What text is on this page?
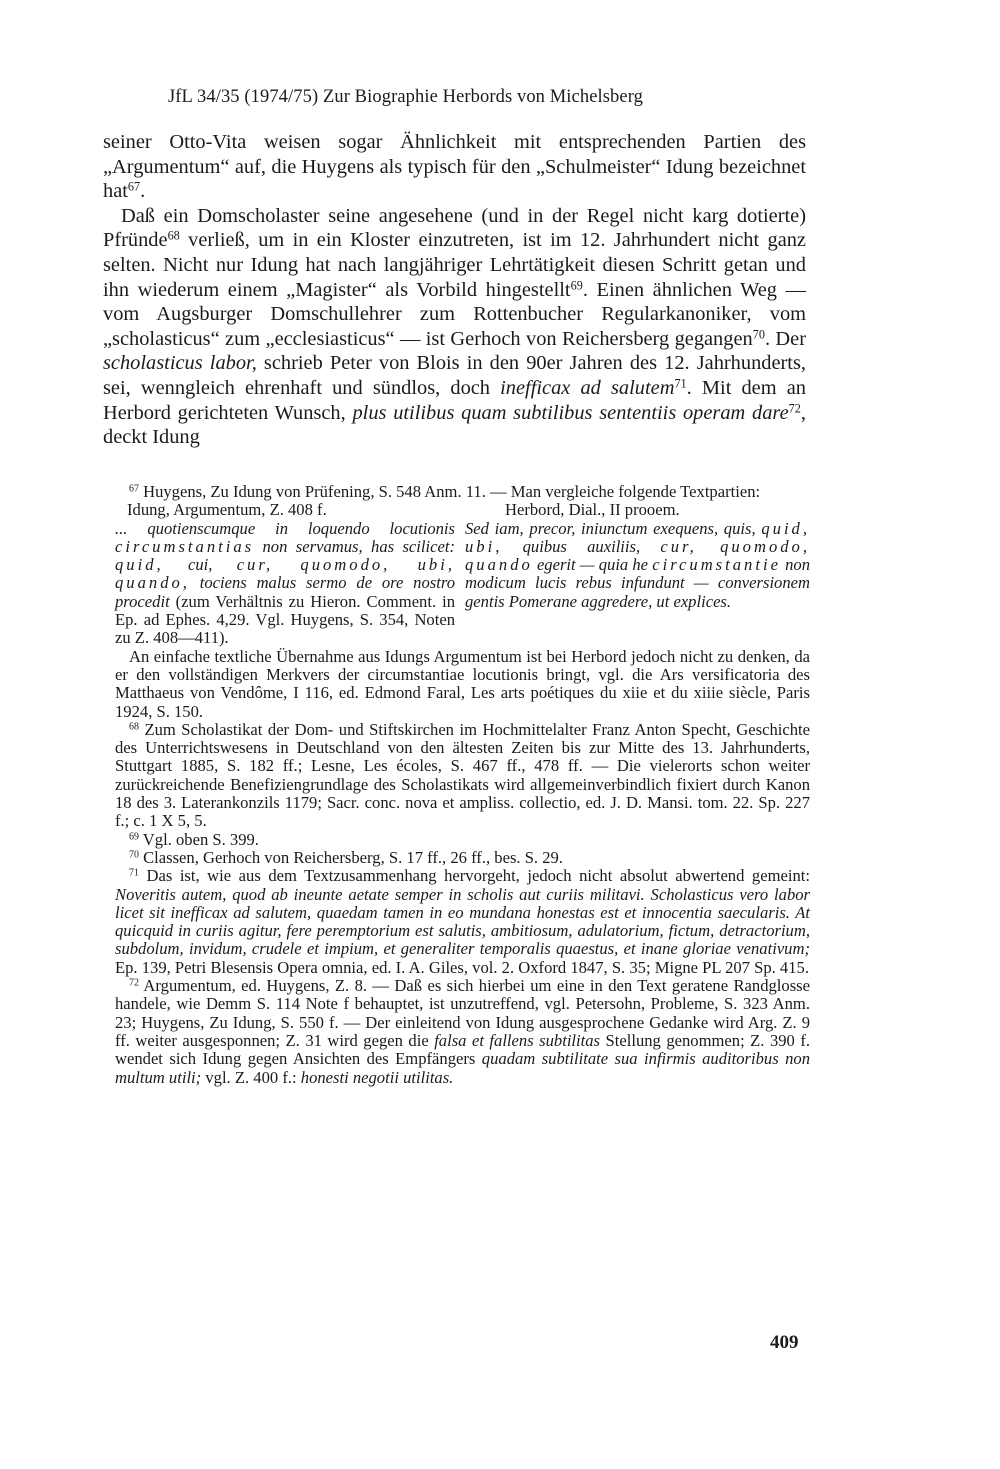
JfL 34/35 (1974/75) Zur Biographie Herbords von Michelsberg

seiner Otto-Vita weisen sogar Ähnlichkeit mit entsprechenden Partien des „Argumentum“ auf, die Huygens als typisch für den „Schulmeister“ Idung bezeichnet hat$^{67}$.

Daß ein Domscholaster seine angesehene (und in der Regel nicht karg dotierte) Pfründe$^{68}$ verließ, um in ein Kloster einzutreten, ist im 12. Jahrhundert nicht ganz selten. Nicht nur Idung hat nach langjähriger Lehrtätigkeit diesen Schritt getan und ihn wiederum einem „Magister“ als Vorbild hingestellt$^{69}$. Einen ähnlichen Weg — vom Augsburger Domschullehrer zum Rottenbucher Regularkanoniker, vom „scholasticus“ zum „ecclesiasticus“ — ist Gerhoch von Reichersberg gegangen$^{70}$. Der scholasticus labor, schrieb Peter von Blois in den 90er Jahren des 12. Jahrhunderts, sei, wenngleich ehrenhaft und sündlos, doch inefficax ad salutem$^{71}$. Mit dem an Herbord gerichteten Wunsch, plus utilibus quam subtilibus sententiis operam dare$^{72}$, deckt Idung

$^{67}$ Huygens, Zu Idung von Prüfening, S. 548 Anm. 11. — Man vergleiche folgende Textpartien:

Idung, Argumentum, Z. 408 f.

... quotienscumque in loquendo locutionis circumstantias non servamus, has scilicet: quid, cui, cur, quomodo, ubi, quando, tociens malus sermo de ore nostro procedit (zum Verhältnis zu Hieron. Comment. in Ep. ad Ephes. 4,29. Vgl. Huygens, S. 354, Noten zu Z. 408—411).

Herbord, Dial., II prooem.

Sed iam, precor, iniunctum exequens, quis, quid, ubi, quibus auxiliis, cur, quomodo, quando egerit — quia he circumstantie non modicum lucis rebus infundunt — conversionem gentis Pomerane aggredere, ut explices.

An einfache textliche Übernahme aus Idungs Argumentum ist bei Herbord jedoch nicht zu denken, da er den vollständigen Merkvers der circumstantiae locutionis bringt, vgl. die Ars versificatoria des Matthaeus von Vendôme, I 116, ed. Edmond Faral, Les arts poétiques du xiie et du xiiie siècle, Paris 1924, S. 150.

$^{68}$ Zum Scholastikat der Dom- und Stiftskirchen im Hochmittelalter Franz Anton Specht, Geschichte des Unterrichtswesens in Deutschland von den ältesten Zeiten bis zur Mitte des 13. Jahrhunderts, Stuttgart 1885, S. 182 ff.; Lesne, Les écoles, S. 467 ff., 478 ff. — Die vielerorts schon weiter zurückreichende Benefiziengrundlage des Scholastikats wird allgemeinverbindlich fixiert durch Kanon 18 des 3. Laterankonzils 1179; Sacr. conc. nova et ampliss. collectio, ed. J. D. Mansi. tom. 22. Sp. 227 f.; c. 1 X 5, 5.

$^{69}$ Vgl. oben S. 399.

$^{70}$ Classen, Gerhoch von Reichersberg, S. 17 ff., 26 ff., bes. S. 29.

$^{71}$ Das ist, wie aus dem Textzusammenhang hervorgeht, jedoch nicht absolut abwertend gemeint: Noveritis autem, quod ab ineunte aetate semper in scholis aut curiis militavi. Scholasticus vero labor licet sit inefficax ad salutem, quaedam tamen in eo mundana honestas est et innocentia saecularis. At quicquid in curiis agitur, fere peremptorium est salutis, ambitiosum, adulatorium, fictum, detractorium, subdolum, invidum, crudele et impium, et generaliter temporalis quaestus, et inane gloriae venativum; Ep. 139, Petri Blesensis Opera omnia, ed. I. A. Giles, vol. 2. Oxford 1847, S. 35; Migne PL 207 Sp. 415.

$^{72}$ Argumentum, ed. Huygens, Z. 8. — Daß es sich hierbei um eine in den Text geratene Randglosse handele, wie Demm S. 114 Note f behauptet, ist unzutreffend, vgl. Petersohn, Probleme, S. 323 Anm. 23; Huygens, Zu Idung, S. 550 f. — Der einleitend von Idung ausgesprochene Gedanke wird Arg. Z. 9 ff. weiter ausgesponnen; Z. 31 wird gegen die falsa et fallens subtilitas Stellung genommen; Z. 390 f. wendet sich Idung gegen Ansichten des Empfängers quadam subtilitate sua infirmis auditoribus non multum utili; vgl. Z. 400 f.: honesti negotii utilitas.

409
